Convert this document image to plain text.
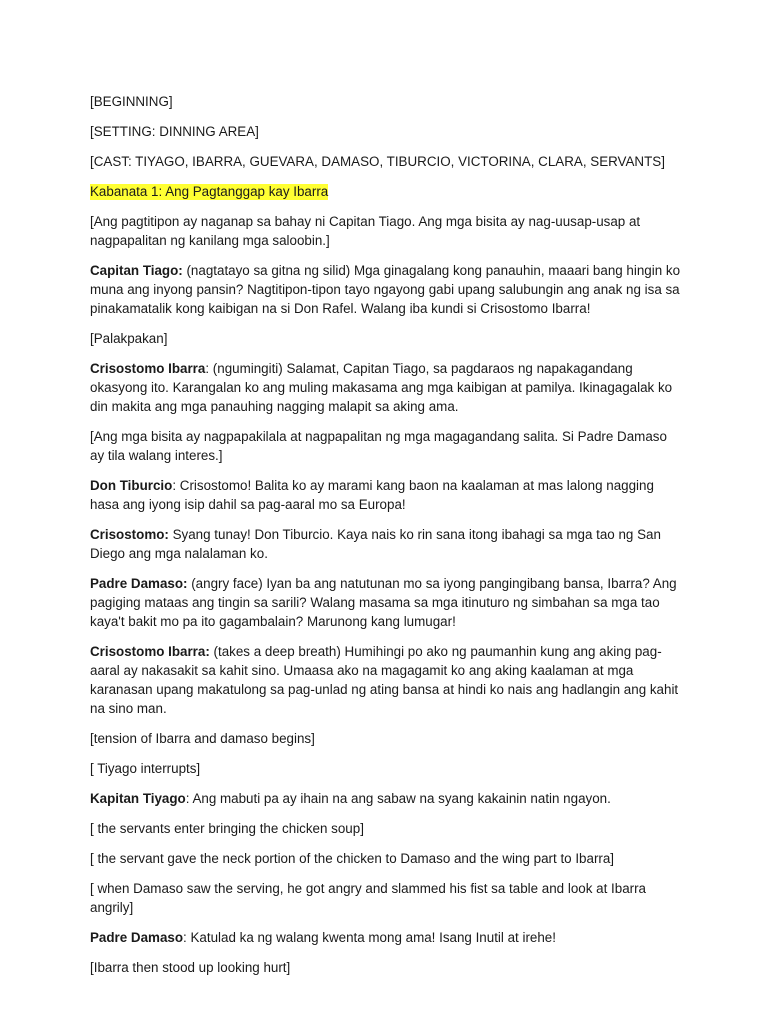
[BEGINNING]

[SETTING: DINNING AREA]

[CAST: TIYAGO, IBARRA, GUEVARA, DAMASO, TIBURCIO, VICTORINA, CLARA, SERVANTS]

Kabanata 1: Ang Pagtanggap kay Ibarra

[Ang pagtitipon ay naganap sa bahay ni Capitan Tiago. Ang mga bisita ay nag-uusap-usap at nagpapalitan ng kanilang mga saloobin.]

Capitan Tiago: (nagtatayo sa gitna ng silid) Mga ginagalang kong panauhin, maaari bang hingin ko muna ang inyong pansin? Nagtitipon-tipon tayo ngayong gabi upang salubungin ang anak ng isa sa pinakamatalik kong kaibigan na si Don Rafel. Walang iba kundi si Crisostomo Ibarra!

[Palakpakan]

Crisostomo Ibarra: (ngumingiti) Salamat, Capitan Tiago, sa pagdaraos ng napakagandang okasyong ito. Karangalan ko ang muling makasama ang mga kaibigan at pamilya. Ikinagagalak ko din makita ang mga panauhing nagging malapit sa aking ama.

[Ang mga bisita ay nagpapakilala at nagpapalitan ng mga magagandang salita. Si Padre Damaso ay tila walang interes.]

Don Tiburcio: Crisostomo! Balita ko ay marami kang baon na kaalaman at mas lalong nagging hasa ang iyong isip dahil sa pag-aaral mo sa Europa!

Crisostomo: Syang tunay! Don Tiburcio. Kaya nais ko rin sana itong ibahagi sa mga tao ng San Diego ang mga nalalaman ko.

Padre Damaso: (angry face) Iyan ba ang natutunan mo sa iyong pangingibang bansa, Ibarra? Ang pagiging mataas ang tingin sa sarili? Walang masama sa mga itinuturo ng simbahan sa mga tao kaya't bakit mo pa ito gagambalain? Marunong kang lumugar!

Crisostomo Ibarra: (takes a deep breath) Humihingi po ako ng paumanhin kung ang aking pag-aaral ay nakasakit sa kahit sino. Umaasa ako na magagamit ko ang aking kaalaman at mga karanasan upang makatulong sa pag-unlad ng ating bansa at hindi ko nais ang hadlangin ang kahit na sino man.

[tension of Ibarra and damaso begins]

[ Tiyago interrupts]

Kapitan Tiyago: Ang mabuti pa ay ihain na ang sabaw na syang kakainin natin ngayon.

[ the servants enter bringing the chicken soup]

[ the servant gave the neck portion of the chicken to Damaso and the wing part to Ibarra]

[ when Damaso saw the serving, he got angry and slammed his fist sa table and look at Ibarra angrily]

Padre Damaso: Katulad ka ng walang kwenta mong ama! Isang Inutil at irehe!

[Ibarra then stood up looking hurt]
